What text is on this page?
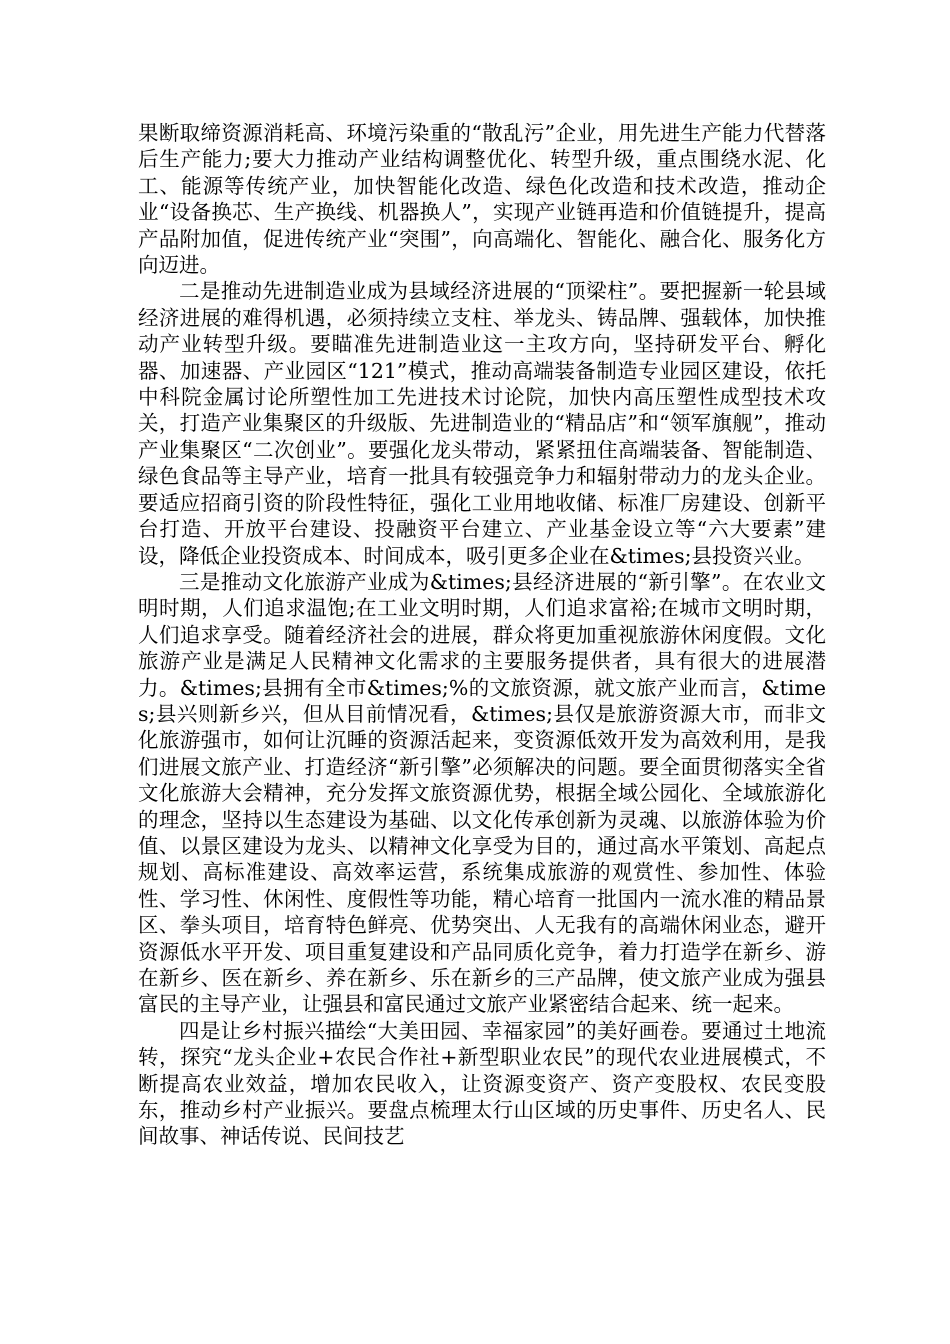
果断取缔资源消耗高、环境污染重的“散乱污”企业，用先进生产能力代替落后生产能力;要大力推动产业结构调整优化、转型升级，重点围绕水泥、化工、能源等传统产业，加快智能化改造、绿色化改造和技术改造，推动企业“设备换芯、生产换线、机器换人”，实现产业链再造和价值链提升，提高产品附加值，促进传统产业“突围”，向高端化、智能化、融合化、服务化方向迈进。

二是推动先进制造业成为县域经济进展的“顶梁柱”。要把握新一轮县域经济进展的难得机遇，必须持续立支柱、举龙头、铸品牌、强载体，加快推动产业转型升级。要瞄准先进制造业这一主攻方向，坚持研发平台、孵化器、加速器、产业园区“121”模式，推动高端装备制造专业园区建设，依托中科院金属讨论所塑性加工先进技术讨论院，加快内高压塑性成型技术攻关，打造产业集聚区的升级版、先进制造业的“精品店”和“领军旗舰”，推动产业集聚区“二次创业”。要强化龙头带动，紧紧扭住高端装备、智能制造、绿色食品等主导产业，培育一批具有较强竞争力和辐射带动力的龙头企业。要适应招商引资的阶段性特征，强化工业用地收储、标准厂房建设、创新平台打造、开放平台建设、投融资平台建立、产业基金设立等“六大要素”建设，降低企业投资成本、时间成本，吸引更多企业在&times;县投资兴业。

三是推动文化旅游产业成为&times;县经济进展的“新引擎”。在农业文明时期，人们追求温饱;在工业文明时期，人们追求富裕;在城市文明时期，人们追求享受。随着经济社会的进展，群众将更加重视旅游休闲度假。文化旅游产业是满足人民精神文化需求的主要服务提供者，具有很大的进展潜力。&times;县拥有全市&times;%的文旅资源，就文旅产业而言，&times;县兴则新乡兴，但从目前情况看，&times;县仅是旅游资源大市，而非文化旅游强市，如何让沉睡的资源活起来，变资源低效开发为高效利用，是我们进展文旅产业、打造经济“新引擎”必须解决的问题。要全面贯彻落实全省文化旅游大会精神，充分发挥文旅资源优势，根据全域公园化、全域旅游化的理念，坚持以生态建设为基础、以文化传承创新为灵魂、以旅游体验为价值、以景区建设为龙头、以精神文化享受为目的，通过高水平策划、高起点规划、高标准建设、高效率运营，系统集成旅游的观赏性、参加性、体验性、学习性、休闲性、度假性等功能，精心培育一批国内一流水准的精品景区、拳头项目，培育特色鲜亮、优势突出、人无我有的高端休闲业态，避开资源低水平开发、项目重复建设和产品同质化竞争，着力打造学在新乡、游在新乡、医在新乡、养在新乡、乐在新乡的三产品牌，使文旅产业成为强县富民的主导产业，让强县和富民通过文旅产业紧密结合起来、统一起来。

四是让乡村振兴描绘“大美田园、幸福家园”的美好画卷。要通过土地流转，探究“龙头企业+农民合作社+新型职业农民”的现代农业进展模式，不断提高农业效益，增加农民收入，让资源变资产、资产变股权、农民变股东，推动乡村产业振兴。要盘点梳理太行山区域的历史事件、历史名人、民间故事、神话传说、民间技艺
